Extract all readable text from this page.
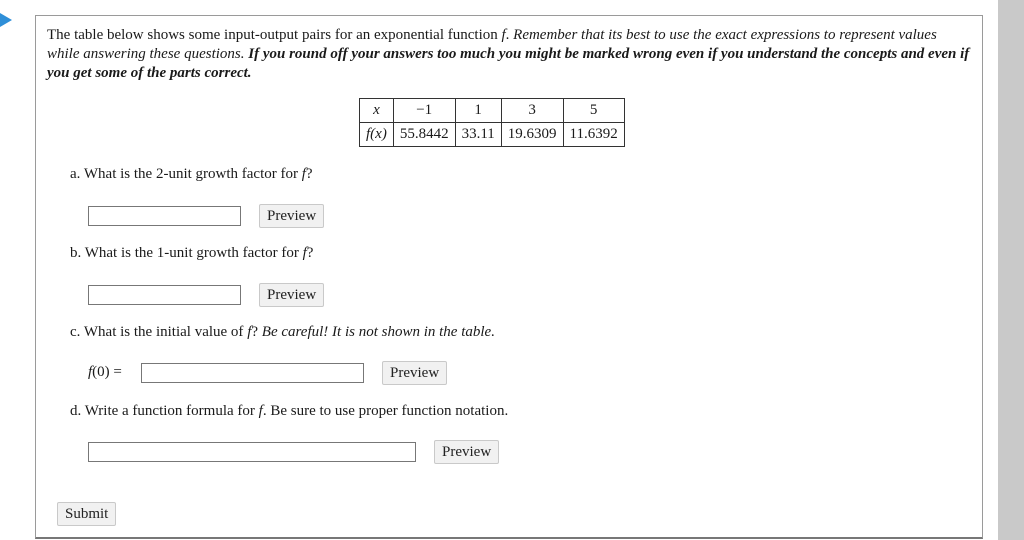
The table below shows some input-output pairs for an exponential function f. Remember that its best to use the exact expressions to represent values while answering these questions. If you round off your answers too much you might be marked wrong even if you understand the concepts and even if you get some of the parts correct.
x	−1	1	3	5
f(x)	55.8442	33.11	19.6309	11.6392
a. What is the 2-unit growth factor for f?
Preview
b. What is the 1-unit growth factor for f?
Preview
c. What is the initial value of f? Be careful! It is not shown in the table.
f(0) =	Preview
d. Write a function formula for f. Be sure to use proper function notation.
Preview
Submit
